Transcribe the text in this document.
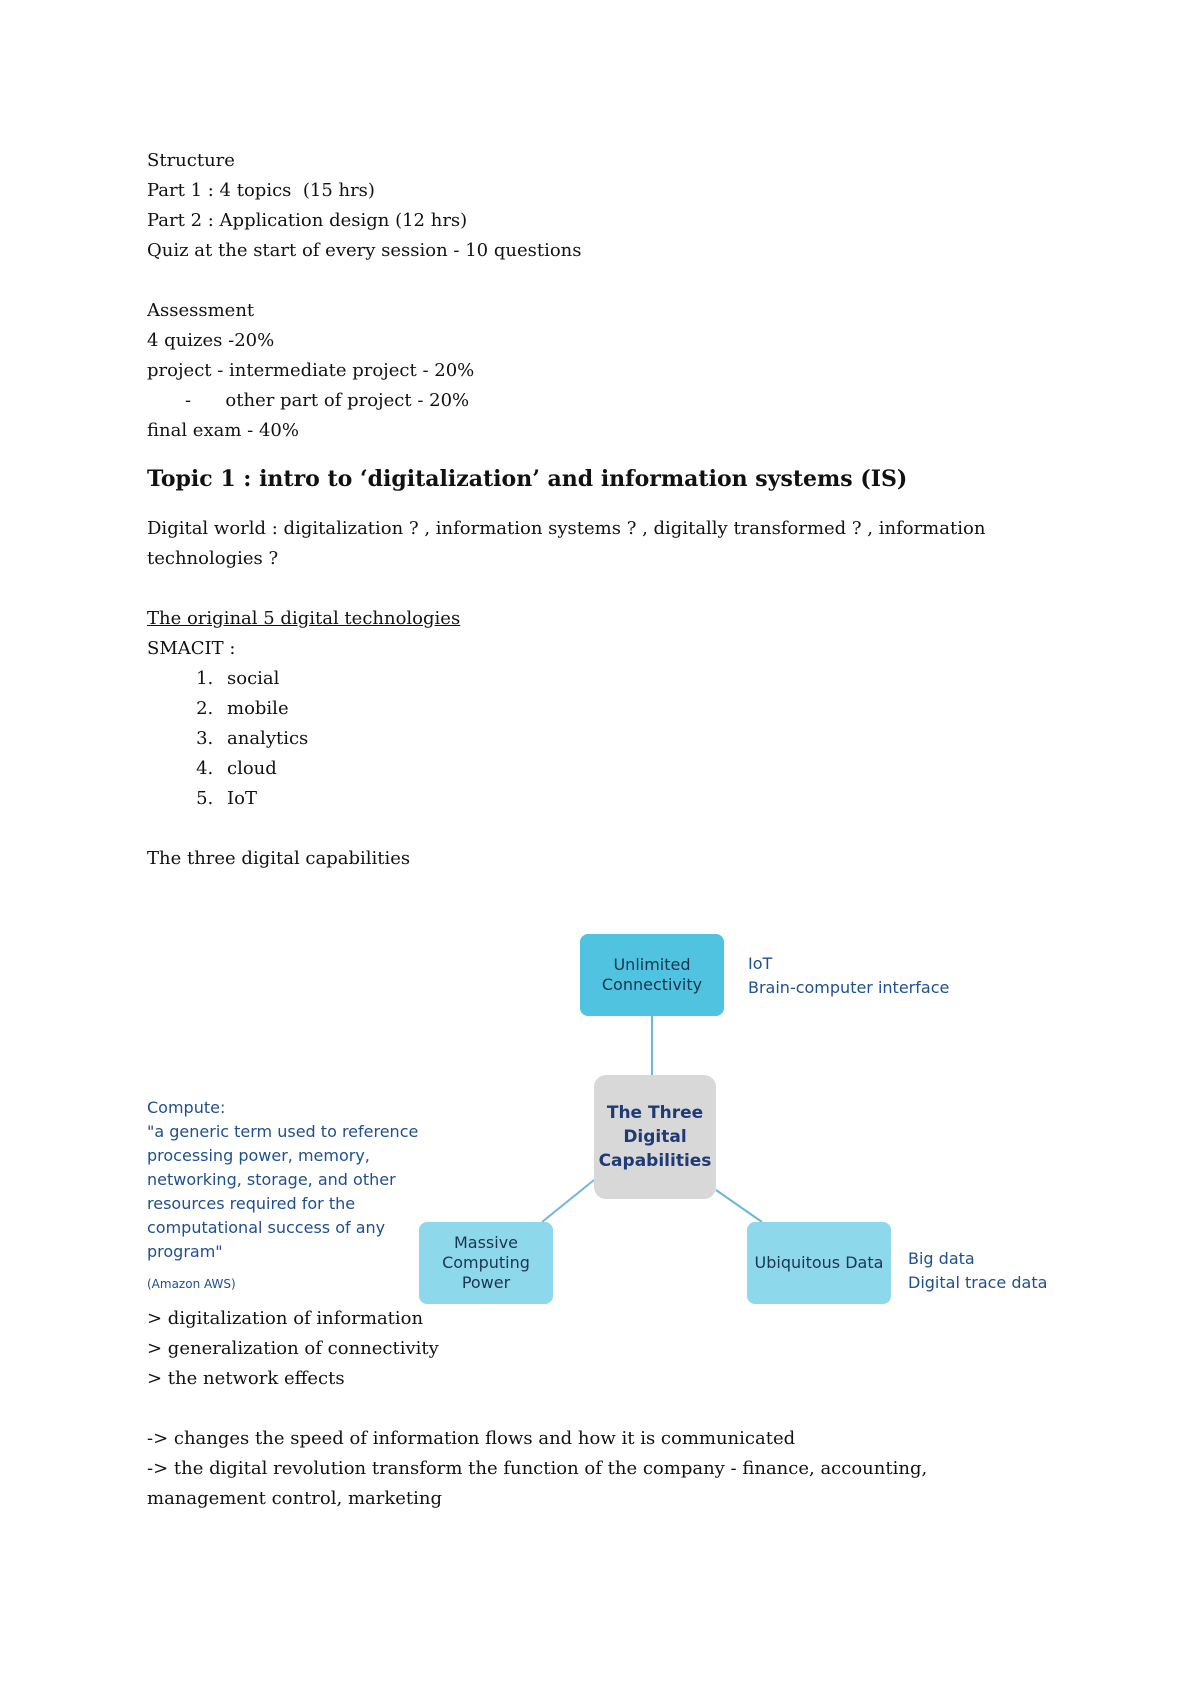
Structure
Part 1 : 4 topics  (15 hrs)
Part 2 : Application design (12 hrs)
Quiz at the start of every session - 10 questions
Assessment
4 quizes -20%
project - intermediate project - 20%
-      other part of project - 20%
final exam - 40%
Topic 1 : intro to ‘digitalization’ and information systems (IS)
Digital world : digitalization ? , information systems ? , digitally transformed ? , information technologies ?
The original 5 digital technologies
SMACIT :
1. social
2. mobile
3. analytics
4. cloud
5. IoT
The three digital capabilities
> digitalization of information
> generalization of connectivity
> the network effects
-> changes the speed of information flows and how it is communicated
-> the digital revolution transform the function of the company - finance, accounting, management control, marketing
Unlimited Connectivity
The Three Digital Capabilities
Massive Computing Power
Ubiquitous Data
IoT
Brain-computer interface
Big data
Digital trace data
Compute:
"a generic term used to reference processing power, memory, networking, storage, and other resources required for the computational success of any program"
(Amazon AWS)
